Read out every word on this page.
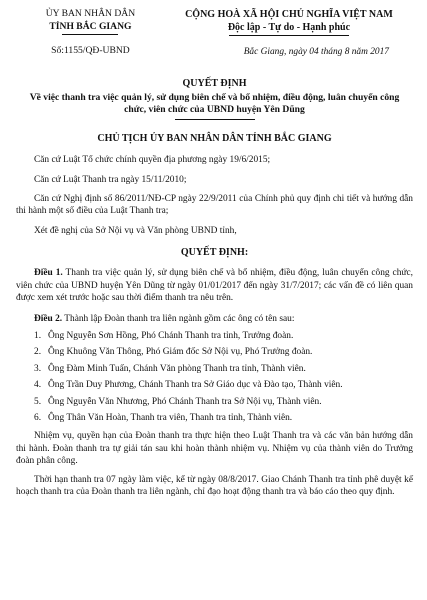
ỦY BAN NHÂN DÂN
TỈNH BẮC GIANG
Số:1155/QĐ-UBND
CỘNG HOÀ XÃ HỘI CHỦ NGHĨA VIỆT NAM
Độc lập - Tự do - Hạnh phúc
Bắc Giang, ngày 04 tháng 8 năm 2017
QUYẾT ĐỊNH
Về việc thanh tra việc quản lý, sử dụng biên chế và bổ nhiệm, điều động, luân chuyển công chức, viên chức của UBND huyện Yên Dũng
CHỦ TỊCH ỦY BAN NHÂN DÂN TỈNH BẮC GIANG

Căn cứ Luật Tổ chức chính quyền địa phương ngày 19/6/2015;

Căn cứ Luật Thanh tra ngày 15/11/2010;

Căn cứ Nghị định số 86/2011/NĐ-CP ngày 22/9/2011 của Chính phủ quy định chi tiết và hướng dẫn thi hành một số điều của Luật Thanh tra;

Xét đề nghị của Sở Nội vụ và Văn phòng UBND tỉnh,

QUYẾT ĐỊNH:

Điều 1. Thanh tra việc quản lý, sử dụng biên chế và bổ nhiệm, điều động, luân chuyển công chức, viên chức của UBND huyện Yên Dũng từ ngày 01/01/2017 đến ngày 31/7/2017; các vấn đề có liên quan được xem xét trước hoặc sau thời điểm thanh tra nêu trên.

Điều 2. Thành lập Đoàn thanh tra liên ngành gồm các ông có tên sau:

1. Ông Nguyễn Sơn Hồng, Phó Chánh Thanh tra tỉnh, Trưởng đoàn.
2. Ông Khuông Văn Thông, Phó Giám đốc Sở Nội vụ, Phó Trưởng đoàn.
3. Ông Đàm Minh Tuấn, Chánh Văn phòng Thanh tra tỉnh, Thành viên.
4. Ông Trần Duy Phương, Chánh Thanh tra Sở Giáo dục và Đào tạo, Thành viên.
5. Ông Nguyễn Văn Nhương, Phó Chánh Thanh tra Sở Nội vụ, Thành viên.
6. Ông Thân Văn Hoàn, Thanh tra viên, Thanh tra tỉnh, Thành viên.

Nhiệm vụ, quyền hạn của Đoàn thanh tra thực hiện theo Luật Thanh tra và các văn bản hướng dẫn thi hành. Đoàn thanh tra tự giải tán sau khi hoàn thành nhiệm vụ. Nhiệm vụ của thành viên do Trưởng đoàn phân công.

Thời hạn thanh tra 07 ngày làm việc, kể từ ngày 08/8/2017. Giao Chánh Thanh tra tỉnh phê duyệt kế hoạch thanh tra của Đoàn thanh tra liên ngành, chỉ đạo hoạt động thanh tra và báo cáo theo quy định.
